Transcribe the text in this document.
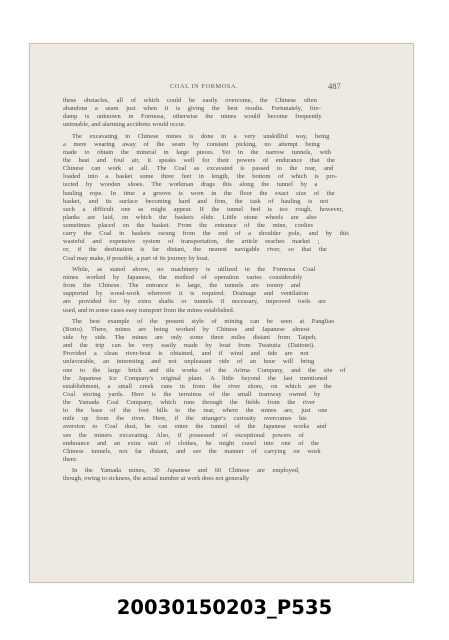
COAL IN FORMOSA.	487
these obstacles, all of which could be easily overcome, the Chinese often
abandons a seam just when it is giving the best results. Fortunately, fire-
damp is unknown in Formosa, otherwise the mines would become frequently
untenable, and alarming accidents would occur.
The excavating in Chinese mines is done in a very unskillful way, being
a mere wearing away of the seam by constant picking, no attempt being
made to obtain the mineral in large pieces. Yet in the narrow tunnels, with
the heat and foul air, it speaks well for their powers of endurance that the
Chinese can work at all. The Coal as excavated is passed to the rear, and
loaded into a basket some three feet in length, the bottom of which is pro-
tected by wooden shoes. The workman drags this along the tunnel by a
hauling rope. In time a groove is worn in the floor the exact size of the
basket, and its surface becoming hard and firm, the task of hauling is not
such a difficult one as might appear. If the tunnel bed is too rough, however,
planks are laid, on which the baskets slide. Little stone wheels are also
sometimes placed on the basket. From the entrance of the mine, coolies
carry the Coal in baskets swung from the end of a shoulder pole, and by this
wasteful and expensive system of transportation, the article reaches market ;
or, if the destination is far distant, the nearest navigable river, so that the
Coal may make, if possible, a part of its journey by boat.
While, as stated above, no machinery is utilized in the Formosa Coal
mines worked by Japanese, the method of operation varies considerably
from the Chinese. The entrance is large, the tunnels are roomy and
supported by wood-work wherever it is required. Drainage and ventilation
are provided for by extra shafts or tunnels if necessary, improved tools are
used, and in some cases easy transport from the mines established.
The best example of the present style of mining can be seen at Pangliao
(Borio). There, mines are being worked by Chinese and Japanese almost
side by side. The mines are only some three miles distant from Taipeh,
and the trip can be very easily made by boat from Twatutia (Daitotei).
Provided a clean river-boat is obtained, and if wind and tide are not
unfavorable, an interesting and not unpleasant ride of an hour will bring
one to the large brick and tile works of the Arima Company, and the site of
the Japanese Ice Company's original plant. A little beyond the last mentioned
establishment, a small creek runs in from the river shore, on which are the
Coal storing yards. Here is the terminus of the small tramway owned by
the Yamada Coal Company, which runs through the fields from the river
to the base of the foot hills to the rear, where the mines are, just one
mile up from the river. Here, if the stranger's curiosity overcomes his
aversion to Coal dust, he can enter the tunnel of the Japanese works and
see the miners excavating. Also, if possessed of exceptional powers of
endurance and an extra suit of clothes, he might crawl into one of the
Chinese tunnels, not far distant, and see the manner of carrying on work
there.
In the Yamada mines, 30 Japanese and 60 Chinese are employed,
though, owing to sickness, the actual number at work does not generally
20030150203_P535
